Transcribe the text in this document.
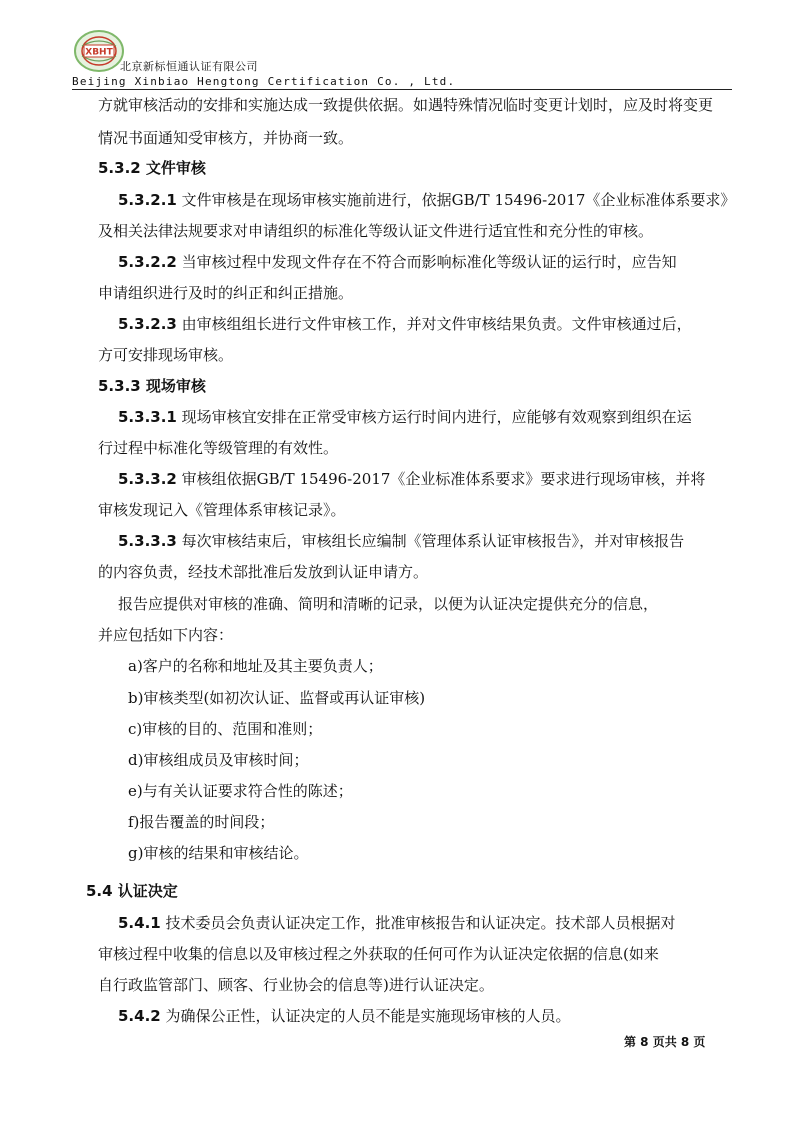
XBHT
北京新标恒通认证有限公司
Beijing Xinbiao Hengtong Certification Co. , Ltd.
方就审核活动的安排和实施达成一致提供依据。如遇特殊情况临时变更计划时，应及时将变更
情况书面通知受审核方，并协商一致。
5.3.2 文件审核
5.3.2.1 文件审核是在现场审核实施前进行，依据GB/T 15496-2017《企业标准体系要求》
及相关法律法规要求对申请组织的标准化等级认证文件进行适宜性和充分性的审核。
5.3.2.2 当审核过程中发现文件存在不符合而影响标准化等级认证的运行时，应告知
申请组织进行及时的纠正和纠正措施。
5.3.2.3 由审核组组长进行文件审核工作，并对文件审核结果负责。文件审核通过后，
方可安排现场审核。
5.3.3 现场审核
5.3.3.1 现场审核宜安排在正常受审核方运行时间内进行，应能够有效观察到组织在运
行过程中标准化等级管理的有效性。
5.3.3.2 审核组依据GB/T 15496-2017《企业标准体系要求》要求进行现场审核，并将
审核发现记入《管理体系审核记录》。
5.3.3.3 每次审核结束后，审核组长应编制《管理体系认证审核报告》，并对审核报告
的内容负责，经技术部批准后发放到认证申请方。
报告应提供对审核的准确、简明和清晰的记录，以便为认证决定提供充分的信息，
并应包括如下内容：
a)客户的名称和地址及其主要负责人；
b)审核类型(如初次认证、监督或再认证审核)
c)审核的目的、范围和准则；
d)审核组成员及审核时间；
e)与有关认证要求符合性的陈述；
f)报告覆盖的时间段；
g)审核的结果和审核结论。
5.4 认证决定
5.4.1 技术委员会负责认证决定工作，批准审核报告和认证决定。技术部人员根据对
审核过程中收集的信息以及审核过程之外获取的任何可作为认证决定依据的信息(如来
自行政监管部门、顾客、行业协会的信息等)进行认证决定。
5.4.2 为确保公正性，认证决定的人员不能是实施现场审核的人员。
第 8 页共 8 页
